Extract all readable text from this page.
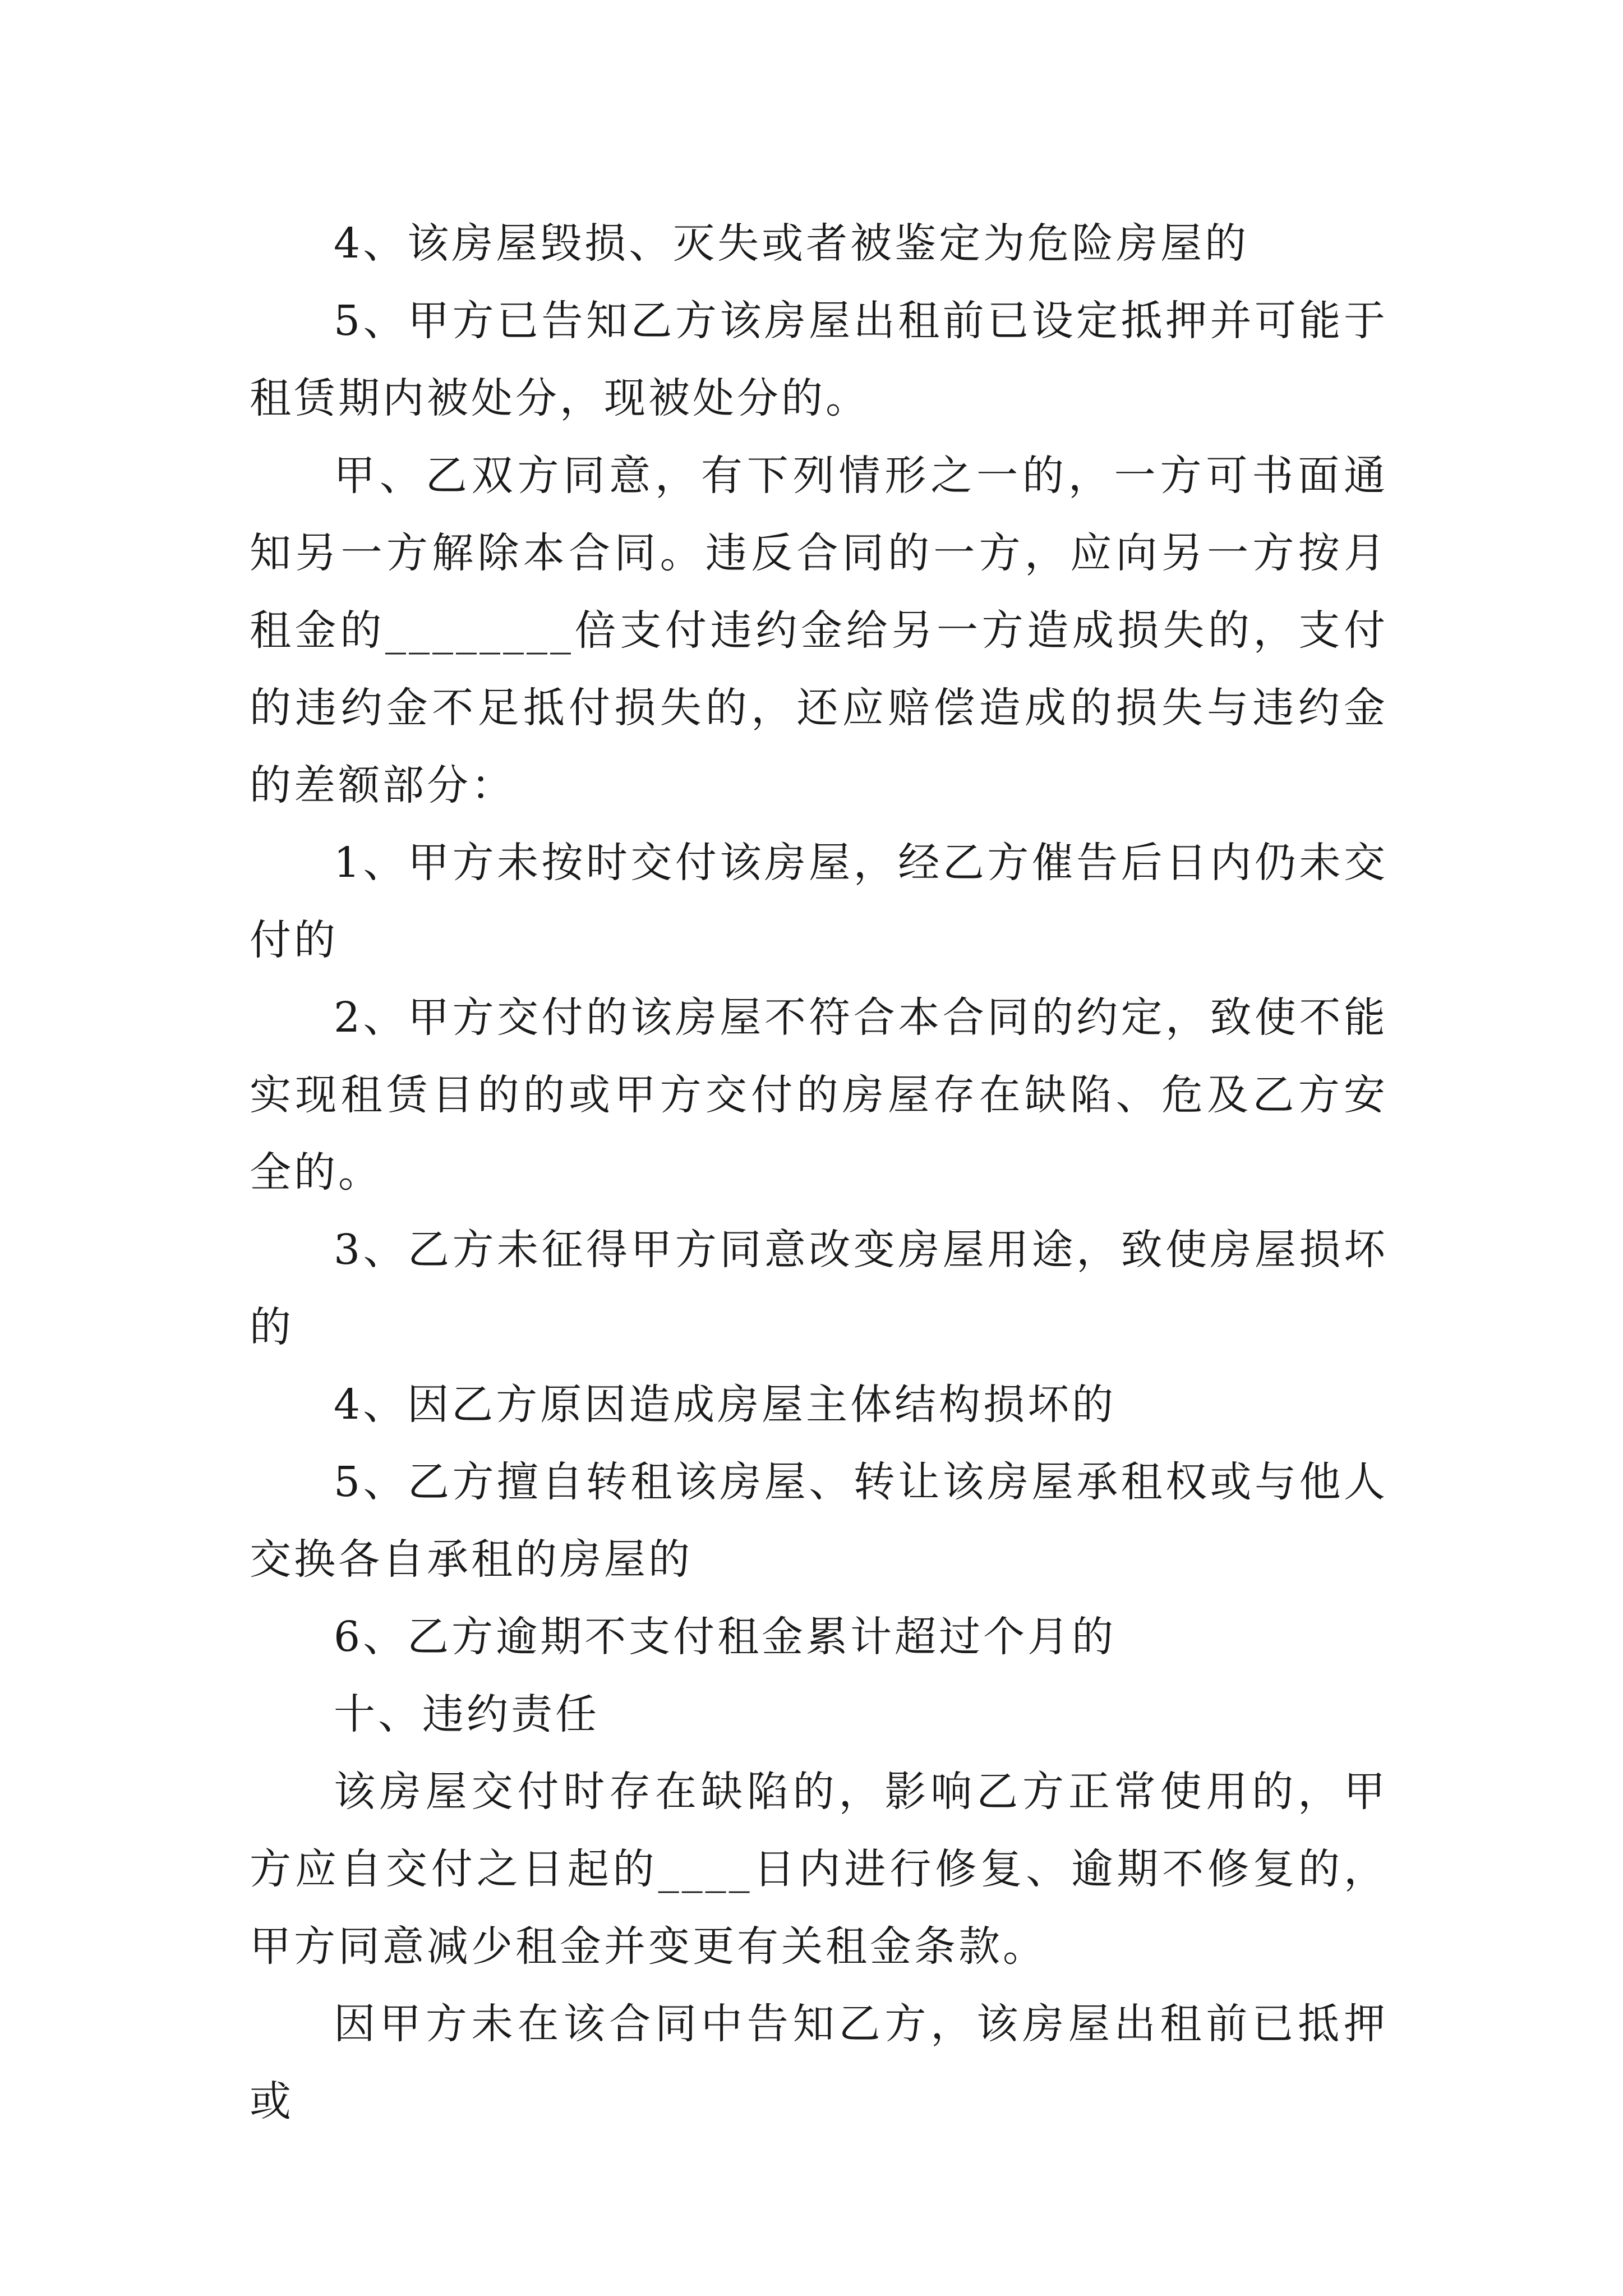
4、该房屋毁损、灭失或者被鉴定为危险房屋的

5、甲方已告知乙方该房屋出租前已设定抵押并可能于租赁期内被处分，现被处分的。

甲、乙双方同意，有下列情形之一的，一方可书面通知另一方解除本合同。违反合同的一方，应向另一方按月租金的________倍支付违约金给另一方造成损失的，支付的违约金不足抵付损失的，还应赔偿造成的损失与违约金的差额部分：

1、甲方未按时交付该房屋，经乙方催告后日内仍未交付的

2、甲方交付的该房屋不符合本合同的约定，致使不能实现租赁目的的或甲方交付的房屋存在缺陷、危及乙方安全的。

3、乙方未征得甲方同意改变房屋用途，致使房屋损坏的

4、因乙方原因造成房屋主体结构损坏的

5、乙方擅自转租该房屋、转让该房屋承租权或与他人交换各自承租的房屋的

6、乙方逾期不支付租金累计超过个月的

十、违约责任

该房屋交付时存在缺陷的，影响乙方正常使用的，甲方应自交付之日起的____日内进行修复、逾期不修复的，甲方同意减少租金并变更有关租金条款。

因甲方未在该合同中告知乙方，该房屋出租前已抵押或
